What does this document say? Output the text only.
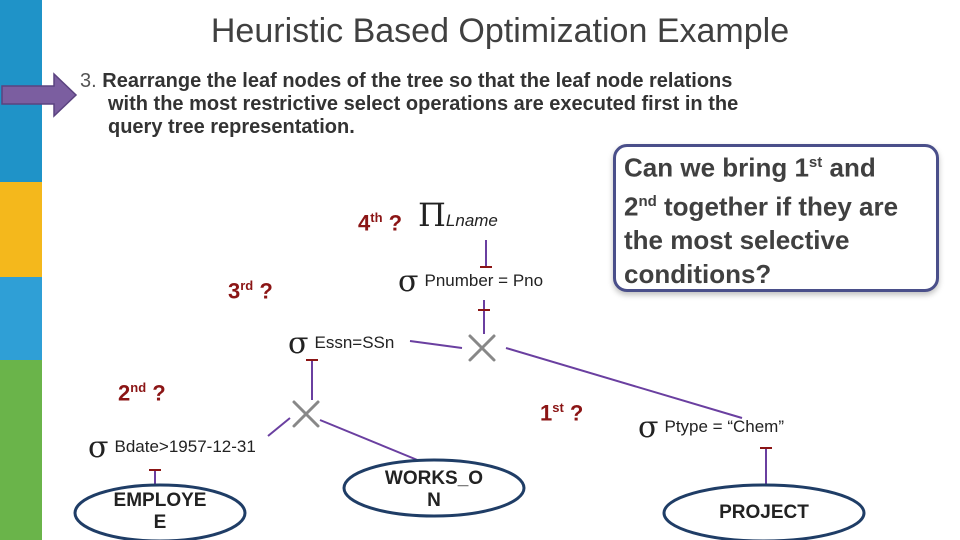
Heuristic Based Optimization Example
3. Rearrange the leaf nodes of the tree so that the leaf node relations
with the most restrictive select operations are executed first in the
query tree representation.
Can we bring 1st and
2nd together if they are
the most selective
conditions?
4th ?
3rd ?
2nd ?
1st ?
ΠLname
σ Pnumber = Pno
σ Essn=SSn
σ Bdate>1957-12-31
σ Ptype = “Chem”
EMPLOYE
E
WORKS_O
N
PROJECT
